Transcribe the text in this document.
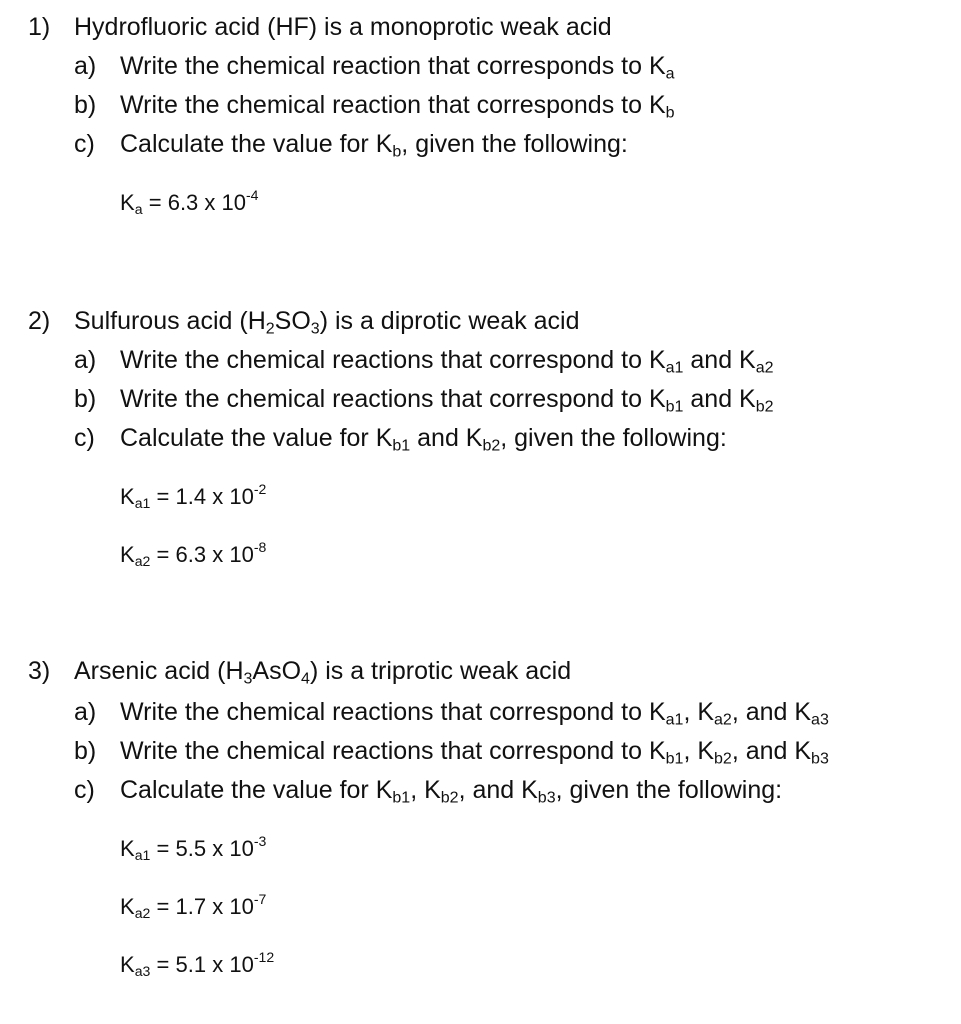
1) Hydrofluoric acid (HF) is a monoprotic weak acid
a) Write the chemical reaction that corresponds to $K_a$
b) Write the chemical reaction that corresponds to $K_b$
c) Calculate the value for $K_b$, given the following:
$K_a = 6.3$ x $10^{-4}$
2) Sulfurous acid $(H_2SO_3)$ is a diprotic weak acid
a) Write the chemical reactions that correspond to $K_{a1}$ and $K_{a2}$
b) Write the chemical reactions that correspond to $K_{b1}$ and $K_{b2}$
c) Calculate the value for $K_{b1}$ and $K_{b2}$, given the following:
$K_{a1} = 1.4$ x $10^{-2}$
$K_{a2} = 6.3$ x $10^{-8}$
3) Arsenic acid $(H_3AsO_4)$ is a triprotic weak acid
a) Write the chemical reactions that correspond to $K_{a1}$, $K_{a2}$, and $K_{a3}$
b) Write the chemical reactions that correspond to $K_{b1}$, $K_{b2}$, and $K_{b3}$
c) Calculate the value for $K_{b1}$, $K_{b2}$, and $K_{b3}$, given the following:
$K_{a1} = 5.5$ x $10^{-3}$
$K_{a2} = 1.7$ x $10^{-7}$
$K_{a3} = 5.1$ x $10^{-12}$
